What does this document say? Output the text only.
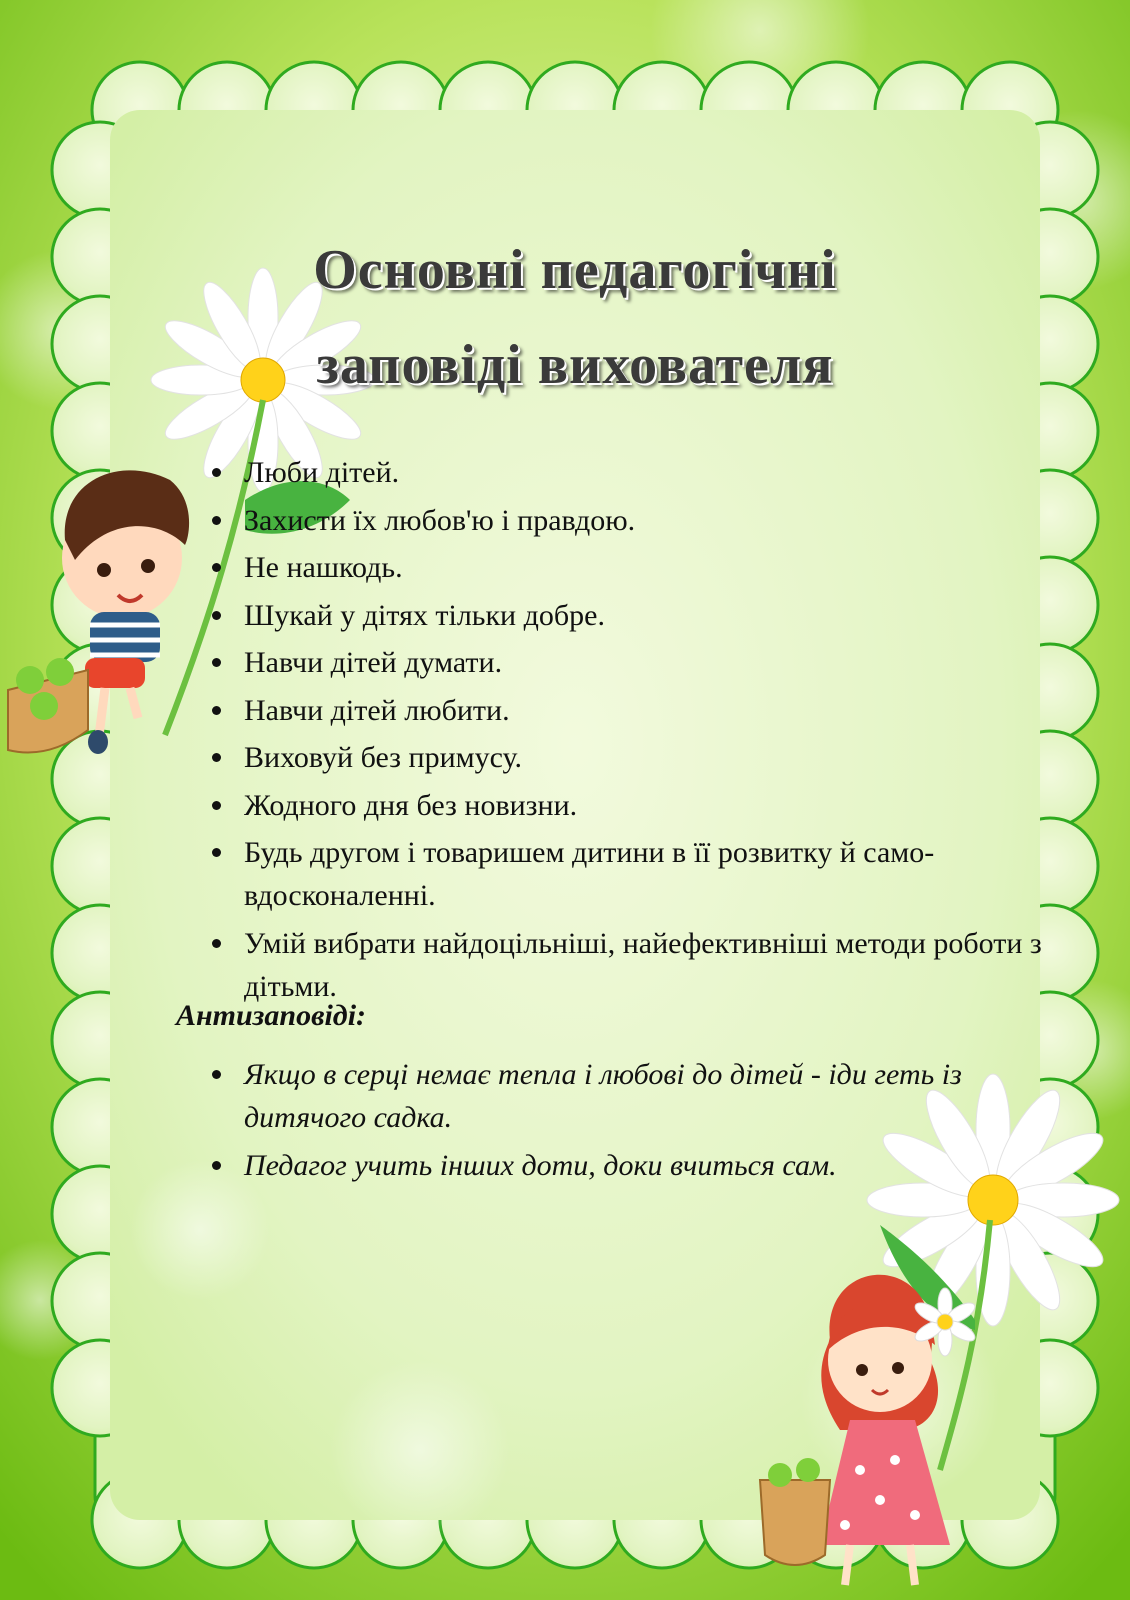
Основні педагогічні
заповіді вихователя
Люби дітей.
Захисти їх любов'ю і правдою.
Не нашкодь.
Шукай у дітях тільки добре.
Навчи дітей думати.
Навчи дітей любити.
Виховуй без примусу.
Жодного дня без новизни.
Будь другом і товаришем дитини в її розвитку й само-вдосконаленні.
Умій вибрати найдоцільніші, найефективніші методи роботи з дітьми.

Антизаповіді:

Якщо в серці немає тепла і любові до дітей - іди геть із дитячого садка.
Педагог учить інших доти, доки вчиться сам.
